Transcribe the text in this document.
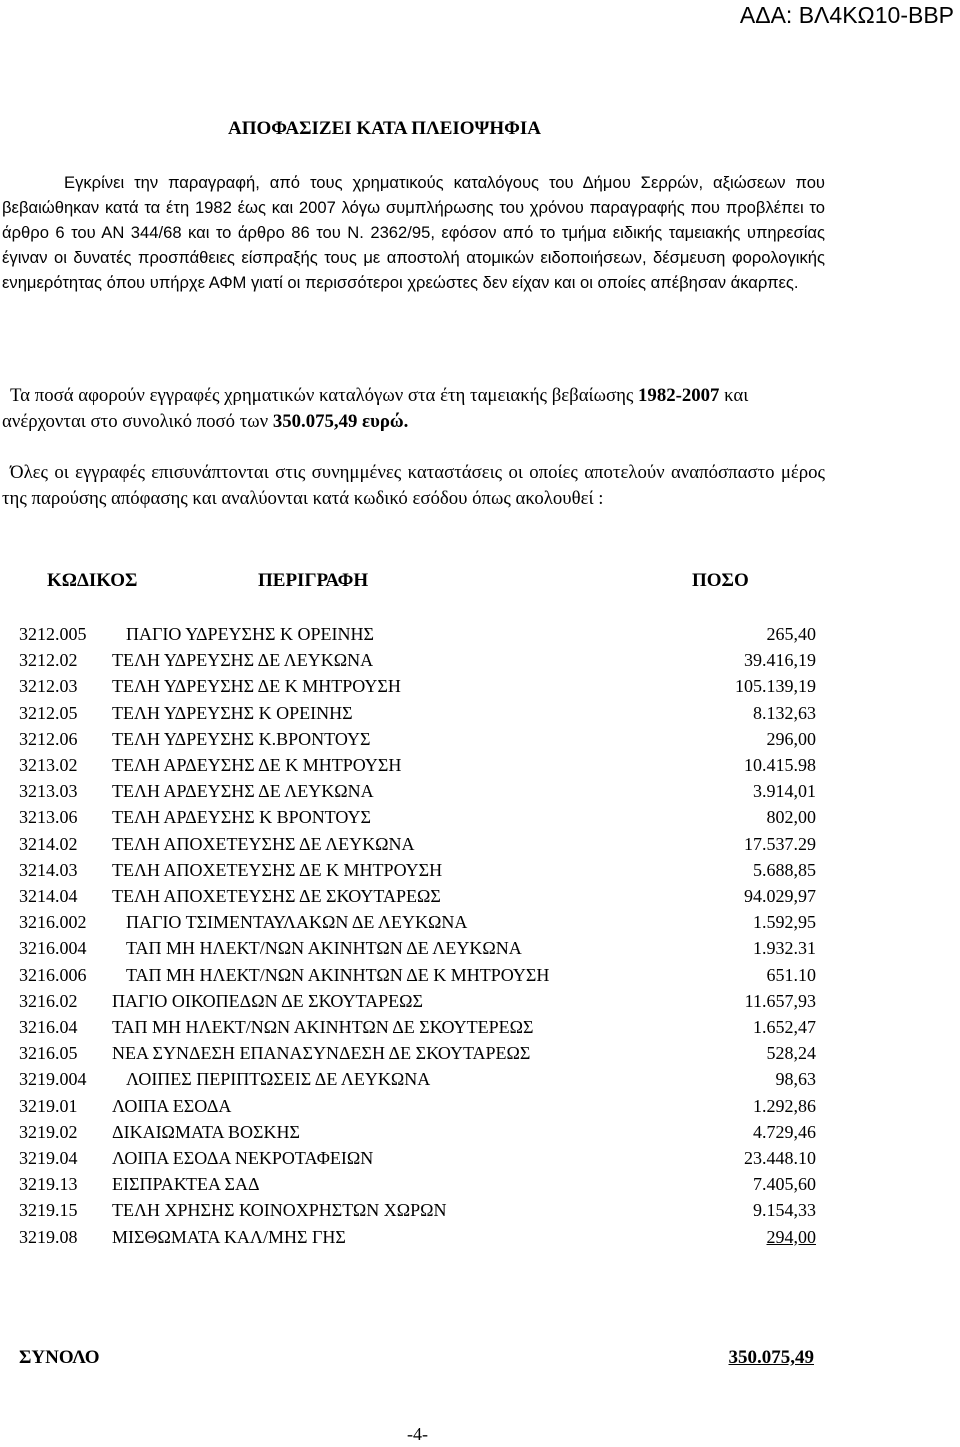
ΑΔΑ: ΒΛ4ΚΩ10-ΒΒΡ
ΑΠΟΦΑΣΙΖΕΙ ΚΑΤΑ ΠΛΕΙΟΨΗΦΙΑ
Εγκρίνει την παραγραφή, από τους χρηματικούς καταλόγους του Δήμου Σερρών, αξιώσεων που βεβαιώθηκαν κατά τα έτη 1982 έως και 2007 λόγω συμπλήρωσης του χρόνου παραγραφής που προβλέπει το άρθρο 6 του ΑΝ 344/68 και το άρθρο 86 του Ν. 2362/95, εφόσον από το τμήμα ειδικής ταμειακής υπηρεσίας έγιναν οι δυνατές προσπάθειες είσπραξής τους με αποστολή ατομικών ειδοποιήσεων, δέσμευση φορολογικής ενημερότητας όπου υπήρχε ΑΦΜ γιατί οι περισσότεροι χρεώστες δεν είχαν και οι οποίες απέβησαν άκαρπες.
Τα ποσά αφορούν εγγραφές χρηματικών καταλόγων στα έτη ταμειακής βεβαίωσης 1982-2007 και ανέρχονται στο συνολικό ποσό των 350.075,49 ευρώ.
Όλες οι εγγραφές επισυνάπτονται στις συνημμένες καταστάσεις οι οποίες αποτελούν αναπόσπαστο μέρος της παρούσης απόφασης και αναλύονται κατά κωδικό εσόδου όπως ακολουθεί :
ΚΩΔΙΚΟΣ	ΠΕΡΙΓΡΑΦΗ	ΠΟΣΟ
3212.005 ΠΑΓΙΟ ΥΔΡΕΥΣΗΣ Κ ΟΡΕΙΝΗΣ	265,40
3212.02 ΤΕΛΗ ΥΔΡΕΥΣΗΣ ΔΕ ΛΕΥΚΩΝΑ	39.416,19
3212.03 ΤΕΛΗ ΥΔΡΕΥΣΗΣ ΔΕ Κ ΜΗΤΡΟΥΣΗ	105.139,19
3212.05 ΤΕΛΗ ΥΔΡΕΥΣΗΣ Κ ΟΡΕΙΝΗΣ	8.132,63
3212.06 ΤΕΛΗ ΥΔΡΕΥΣΗΣ Κ.ΒΡΟΝΤΟΥΣ	296,00
3213.02 ΤΕΛΗ ΑΡΔΕΥΣΗΣ ΔΕ Κ ΜΗΤΡΟΥΣΗ	10.415.98
3213.03 ΤΕΛΗ ΑΡΔΕΥΣΗΣ ΔΕ ΛΕΥΚΩΝΑ	3.914,01
3213.06 ΤΕΛΗ ΑΡΔΕΥΣΗΣ Κ ΒΡΟΝΤΟΥΣ	802,00
3214.02 ΤΕΛΗ ΑΠΟΧΕΤΕΥΣΗΣ ΔΕ ΛΕΥΚΩΝΑ	17.537.29
3214.03 ΤΕΛΗ ΑΠΟΧΕΤΕΥΣΗΣ ΔΕ Κ ΜΗΤΡΟΥΣΗ	5.688,85
3214.04 ΤΕΛΗ ΑΠΟΧΕΤΕΥΣΗΣ ΔΕ ΣΚΟΥΤΑΡΕΩΣ	94.029,97
3216.002 ΠΑΓΙΟ ΤΣΙΜΕΝΤΑΥΛΑΚΩΝ ΔΕ ΛΕΥΚΩΝΑ	1.592,95
3216.004 ΤΑΠ ΜΗ ΗΛΕΚΤ/ΝΩΝ ΑΚΙΝΗΤΩΝ ΔΕ ΛΕΥΚΩΝΑ	1.932.31
3216.006 ΤΑΠ ΜΗ ΗΛΕΚΤ/ΝΩΝ ΑΚΙΝΗΤΩΝ ΔΕ Κ ΜΗΤΡΟΥΣΗ	651.10
3216.02 ΠΑΓΙΟ ΟΙΚΟΠΕΔΩΝ ΔΕ ΣΚΟΥΤΑΡΕΩΣ	11.657,93
3216.04 ΤΑΠ ΜΗ ΗΛΕΚΤ/ΝΩΝ ΑΚΙΝΗΤΩΝ ΔΕ ΣΚΟΥΤΕΡΕΩΣ	1.652,47
3216.05 ΝΕΑ ΣΥΝΔΕΣΗ ΕΠΑΝΑΣΥΝΔΕΣΗ ΔΕ ΣΚΟΥΤΑΡΕΩΣ	528,24
3219.004 ΛΟΙΠΕΣ ΠΕΡΙΠΤΩΣΕΙΣ ΔΕ ΛΕΥΚΩΝΑ	98,63
3219.01 ΛΟΙΠΑ ΕΣΟΔΑ	1.292,86
3219.02 ΔΙΚΑΙΩΜΑΤΑ ΒΟΣΚΗΣ	4.729,46
3219.04 ΛΟΙΠΑ ΕΣΟΔΑ ΝΕΚΡΟΤΑΦΕΙΩΝ	23.448.10
3219.13 ΕΙΣΠΡΑΚΤΕΑ ΣΑΔ	7.405,60
3219.15 ΤΕΛΗ ΧΡΗΣΗΣ ΚΟΙΝΟΧΡΗΣΤΩΝ ΧΩΡΩΝ	9.154,33
3219.08 ΜΙΣΘΩΜΑΤΑ ΚΑΛ/ΜΗΣ ΓΗΣ	294,00
ΣΥΝΟΛΟ	350.075,49
-4-
